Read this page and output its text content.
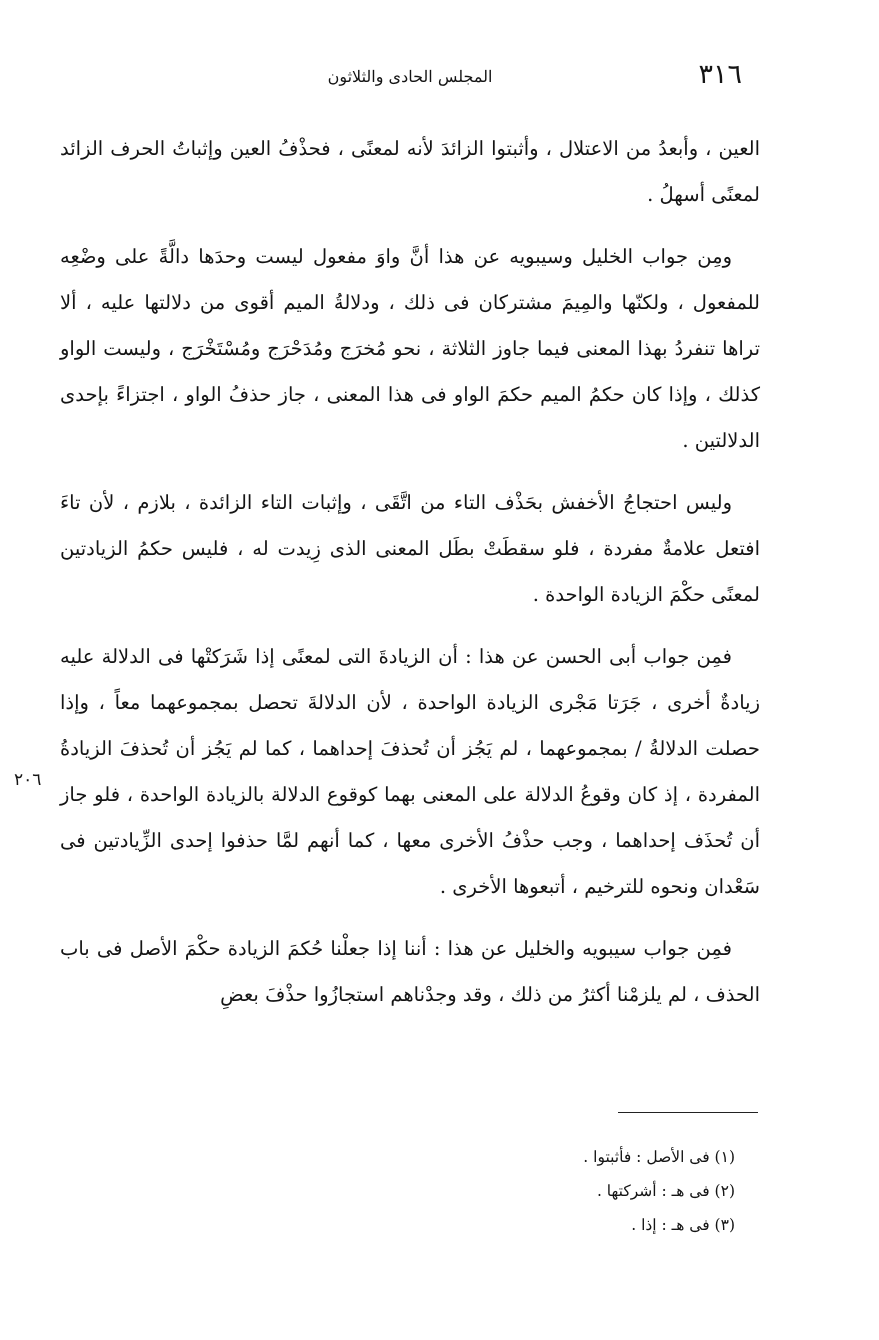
٣١٦
المجلس الحادى والثلاثون

العين ، وأبعدُ من الاعتلال ، وأثبتوا الزائدَ لأنه لمعنًى ، فحذْفُ العين وإثباتُ الحرف الزائد لمعنًى أسهلُ .

ومِن جواب الخليل وسيبويه عن هذا أنَّ واوَ مفعول ليست وحدَها دالَّةً على وضْعِه للمفعول ، ولكنّها والمِيمَ مشتركان فى ذلك ، ودلالةُ الميم أقوى من دلالتها عليه ، ألا تراها تنفردُ بهذا المعنى فيما جاوز الثلاثة ، نحو مُخرَج ومُدَحْرَج ومُسْتَخْرَج ، وليست الواو كذلك ، وإذا كان حكمُ الميم حكمَ الواو فى هذا المعنى ، جاز حذفُ الواو ، اجتزاءً بإحدى الدلالتين .

وليس احتجاجُ الأخفش بحَذْف التاء من اتَّقَى ، وإثبات التاء الزائدة ، بلازم ، لأن تاءَ افتعل علامةٌ مفردة ، فلو سقطَتْ بطَل المعنى الذى زِيدت له ، فليس حكمُ الزيادتين لمعنًى حكْمَ الزيادة الواحدة .

فمِن جواب أبى الحسن عن هذا : أن الزيادةَ التى لمعنًى إذا شَرَكتْها فى الدلالة عليه زيادةٌ أخرى ، جَرَتا مَجْرى الزيادة الواحدة ، لأن الدلالةَ تحصل بمجموعهما معاً ، وإذا حصلت الدلالةُ / بمجموعهما ، لم يَجُز أن تُحذفَ إحداهما ، كما لم يَجُز أن تُحذفَ الزيادةُ المفردة ، إذ كان وقوعُ الدلالة على المعنى بهما كوقوع الدلالة بالزيادة الواحدة ، فلو جاز أن تُحذَف إحداهما ، وجب حذْفُ الأخرى معها ، كما أنهم لمَّا حذفوا إحدى الزِّيادتين فى سَعْدان ونحوه للترخيم ، أتبعوها الأخرى .

فمِن جواب سيبويه والخليل عن هذا : أننا إذا جعلْنا حُكمَ الزيادة حكْمَ الأصل فى باب الحذف ، لم يلزمْنا أكثرُ من ذلك ، وقد وجدْناهم استجازُوا حذْفَ بعضِ

٢٠٦

(١) فى الأصل : فأثبتوا .

(٢) فى هـ : أشركتها .

(٣) فى هـ : إذا .
